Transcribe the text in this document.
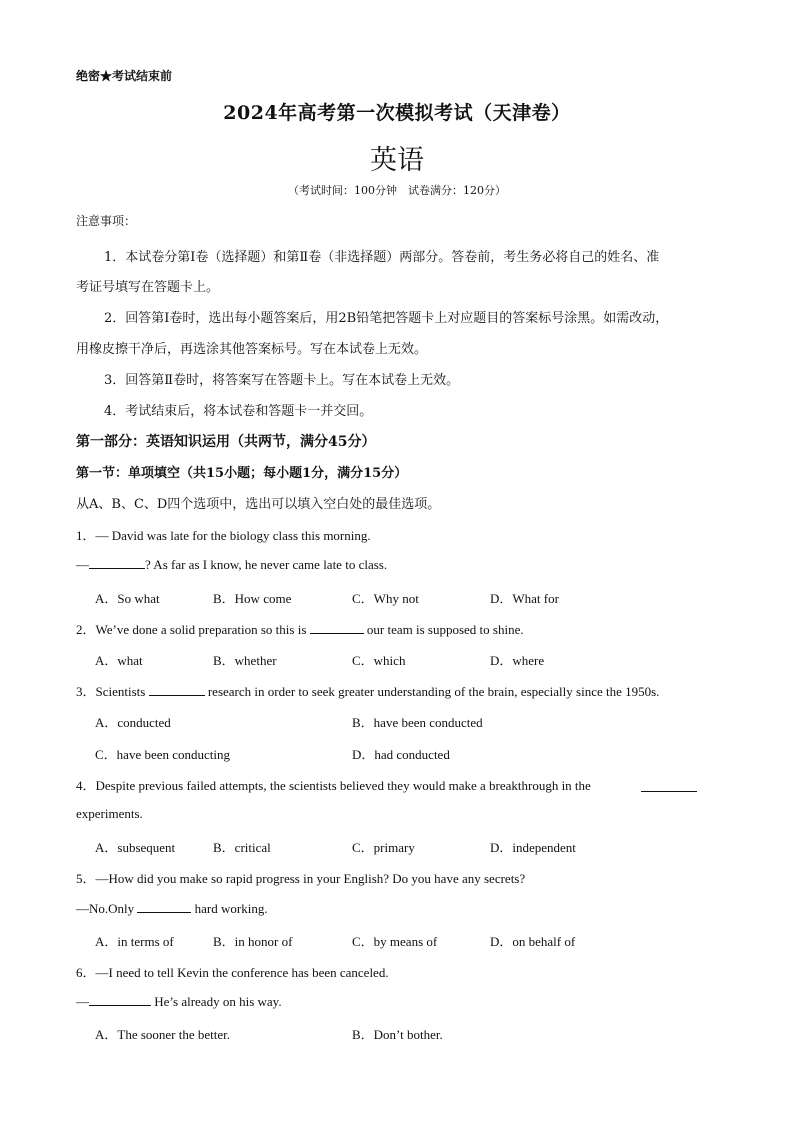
绝密★考试结束前
2024年高考第一次模拟考试（天津卷）
英语
（考试时间：100分钟　试卷满分：120分）
注意事项：
1．本试卷分第Ⅰ卷（选择题）和第Ⅱ卷（非选择题）两部分。答卷前，考生务必将自己的姓名、准
考证号填写在答题卡上。
2．回答第Ⅰ卷时，选出每小题答案后，用2B铅笔把答题卡上对应题目的答案标号涂黑。如需改动，
用橡皮擦干净后，再选涂其他答案标号。写在本试卷上无效。
3．回答第Ⅱ卷时，将答案写在答题卡上。写在本试卷上无效。
4．考试结束后，将本试卷和答题卡一并交回。
第一部分：英语知识运用（共两节，满分45分）
第一节：单项填空（共15小题；每小题1分，满分15分）
从A、B、C、D四个选项中，选出可以填入空白处的最佳选项。
1．— David was late for the biology class this morning.
—	? As far as I know, he never came late to class.
A．So what	B．How come	C．Why not	D．What for
2．We’ve done a solid preparation so this is	our team is supposed to shine.
A．what	B．whether	C．which	D．where
3．Scientists	research in order to seek greater understanding of the brain, especially since the 1950s.
A．conducted	B．have been conducted
C．have been conducting	D．had conducted
4．Despite previous failed attempts, the scientists believed they would make a breakthrough in the
experiments.
A．subsequent	B．critical	C．primary	D．independent
5．—How did you make so rapid progress in your English? Do you have any secrets?
—No.Only	hard working.
A．in terms of	B．in honor of	C．by means of	D．on behalf of
6．—I need to tell Kevin the conference has been canceled.
—	He’s already on his way.
A．The sooner the better.	B．Don’t bother.
